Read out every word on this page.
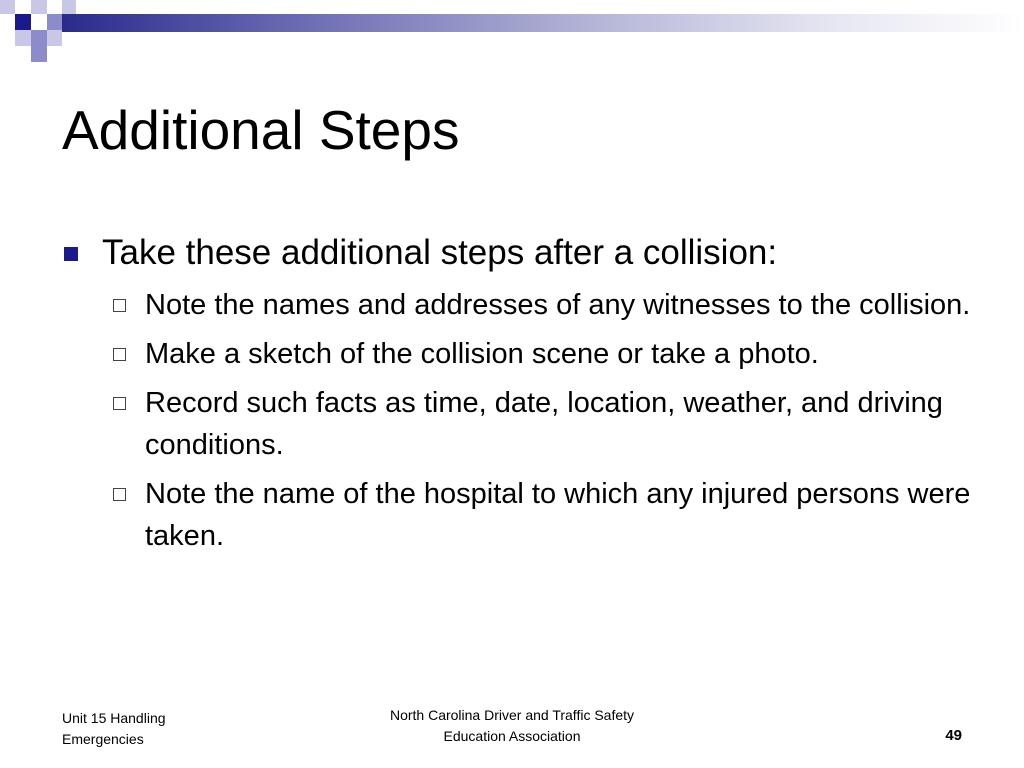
Additional Steps
Take these additional steps after a collision:
Note the names and addresses of any witnesses to the collision.
Make a sketch of the collision scene or take a photo.
Record such facts as time, date, location, weather, and driving conditions.
Note the name of the hospital to which any injured persons were taken.
Unit 15 Handling
Emergencies
North Carolina Driver and Traffic Safety
Education Association	49
